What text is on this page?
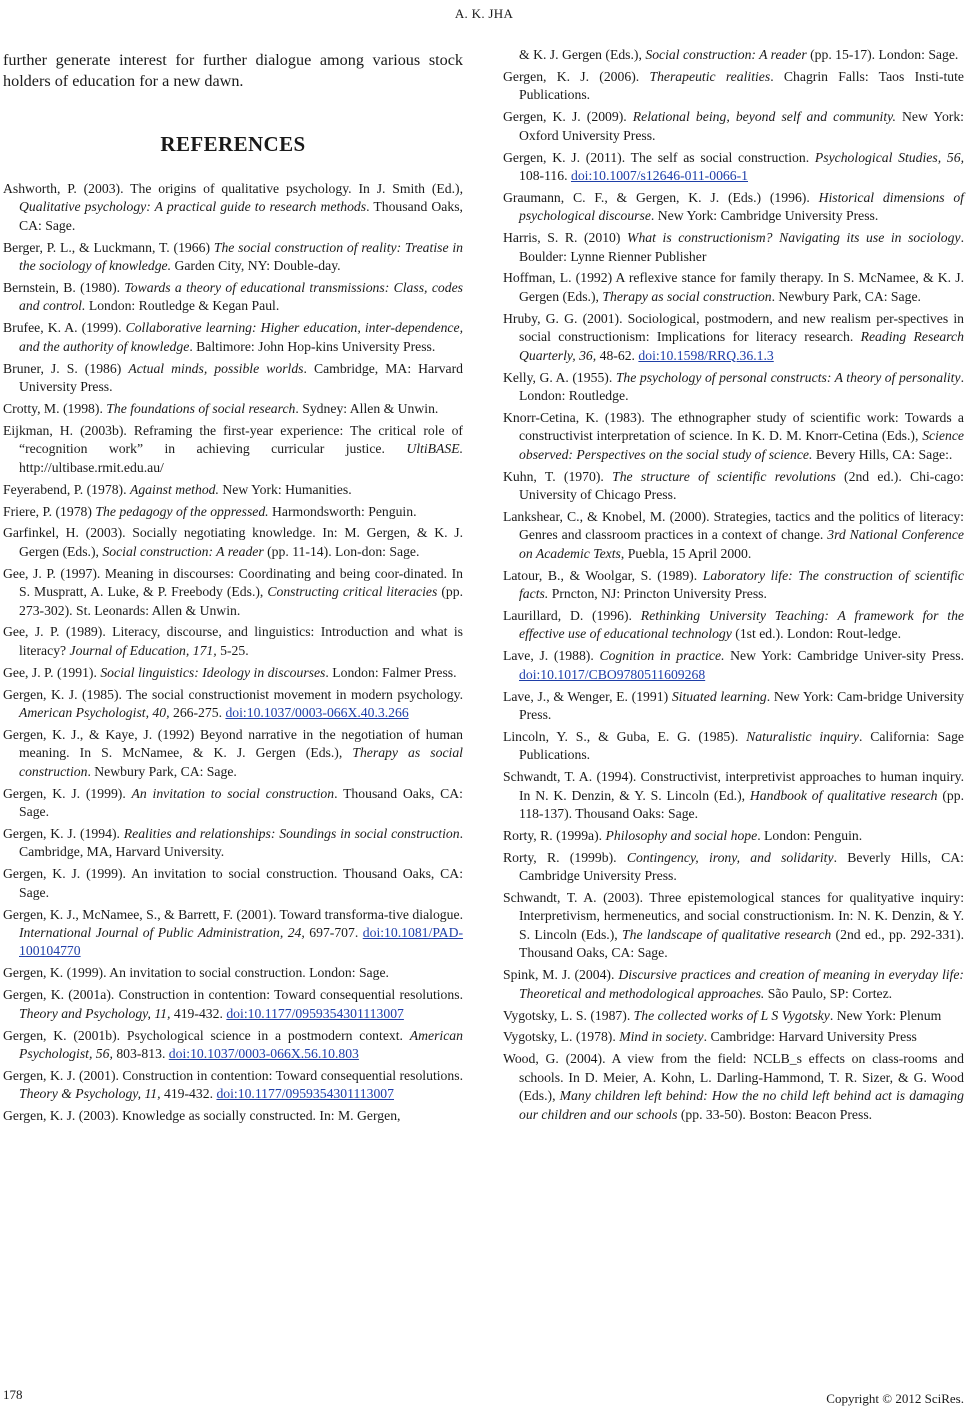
A. K. JHA

further generate interest for further dialogue among various stock holders of education for a new dawn.

REFERENCES
Ashworth, P. (2003). The origins of qualitative psychology. In J. Smith (Ed.), Qualitative psychology: A practical guide to research methods. Thousand Oaks, CA: Sage.
Berger, P. L., & Luckmann, T. (1966) The social construction of reality: Treatise in the sociology of knowledge. Garden City, NY: Double-day.
Bernstein, B. (1980). Towards a theory of educational transmissions: Class, codes and control. London: Routledge & Kegan Paul.
Brufee, K. A. (1999). Collaborative learning: Higher education, inter-dependence, and the authority of knowledge. Baltimore: John Hop-kins University Press.
Bruner, J. S. (1986) Actual minds, possible worlds. Cambridge, MA: Harvard University Press.
Crotty, M. (1998). The foundations of social research. Sydney: Allen & Unwin.
Eijkman, H. (2003b). Reframing the first-year experience: The critical role of “recognition work” in achieving curricular justice. UltiBASE. http://ultibase.rmit.edu.au/
Feyerabend, P. (1978). Against method. New York: Humanities.
Friere, P. (1978) The pedagogy of the oppressed. Harmondsworth: Penguin.
Garfinkel, H. (2003). Socially negotiating knowledge. In: M. Gergen, & K. J. Gergen (Eds.), Social construction: A reader (pp. 11-14). Lon-don: Sage.
Gee, J. P. (1997). Meaning in discourses: Coordinating and being coor-dinated. In S. Muspratt, A. Luke, & P. Freebody (Eds.), Constructing critical literacies (pp. 273-302). St. Leonards: Allen & Unwin.
Gee, J. P. (1989). Literacy, discourse, and linguistics: Introduction and what is literacy? Journal of Education, 171, 5-25.
Gee, J. P. (1991). Social linguistics: Ideology in discourses. London: Falmer Press.
Gergen, K. J. (1985). The social constructionist movement in modern psychology. American Psychologist, 40, 266-275. doi:10.1037/0003-066X.40.3.266
Gergen, K. J., & Kaye, J. (1992) Beyond narrative in the negotiation of human meaning. In S. McNamee, & K. J. Gergen (Eds.), Therapy as social construction. Newbury Park, CA: Sage.
Gergen, K. J. (1999). An invitation to social construction. Thousand Oaks, CA: Sage.
Gergen, K. J. (1994). Realities and relationships: Soundings in social construction. Cambridge, MA, Harvard University.
Gergen, K. J. (1999). An invitation to social construction. Thousand Oaks, CA: Sage.
Gergen, K. J., McNamee, S., & Barrett, F. (2001). Toward transforma-tive dialogue. International Journal of Public Administration, 24, 697-707. doi:10.1081/PAD-100104770
Gergen, K. (1999). An invitation to social construction. London: Sage.
Gergen, K. (2001a). Construction in contention: Toward consequential resolutions. Theory and Psychology, 11, 419-432. doi:10.1177/0959354301113007
Gergen, K. (2001b). Psychological science in a postmodern context. American Psychologist, 56, 803-813. doi:10.1037/0003-066X.56.10.803
Gergen, K. J. (2001). Construction in contention: Toward consequential resolutions. Theory & Psychology, 11, 419-432. doi:10.1177/0959354301113007
Gergen, K. J. (2003). Knowledge as socially constructed. In: M. Gergen,
& K. J. Gergen (Eds.), Social construction: A reader (pp. 15-17). London: Sage.
Gergen, K. J. (2006). Therapeutic realities. Chagrin Falls: Taos Insti-tute Publications.
Gergen, K. J. (2009). Relational being, beyond self and community. New York: Oxford University Press.
Gergen, K. J. (2011). The self as social construction. Psychological Studies, 56, 108-116. doi:10.1007/s12646-011-0066-1
Graumann, C. F., & Gergen, K. J. (Eds.) (1996). Historical dimensions of psychological discourse. New York: Cambridge University Press.
Harris, S. R. (2010) What is constructionism? Navigating its use in sociology. Boulder: Lynne Rienner Publisher
Hoffman, L. (1992) A reflexive stance for family therapy. In S. McNamee, & K. J. Gergen (Eds.), Therapy as social construction. Newbury Park, CA: Sage.
Hruby, G. G. (2001). Sociological, postmodern, and new realism per-spectives in social constructionism: Implications for literacy research. Reading Research Quarterly, 36, 48-62. doi:10.1598/RRQ.36.1.3
Kelly, G. A. (1955). The psychology of personal constructs: A theory of personality. London: Routledge.
Knorr-Cetina, K. (1983). The ethnographer study of scientific work: Towards a constructivist interpretation of science. In K. D. M. Knorr-Cetina (Eds.), Science observed: Perspectives on the social study of science. Bevery Hills, CA: Sage:.
Kuhn, T. (1970). The structure of scientific revolutions (2nd ed.). Chi-cago: University of Chicago Press.
Lankshear, C., & Knobel, M. (2000). Strategies, tactics and the politics of literacy: Genres and classroom practices in a context of change. 3rd National Conference on Academic Texts, Puebla, 15 April 2000.
Latour, B., & Woolgar, S. (1989). Laboratory life: The construction of scientific facts. Prncton, NJ: Princton University Press.
Laurillard, D. (1996). Rethinking University Teaching: A framework for the effective use of educational technology (1st ed.). London: Rout-ledge.
Lave, J. (1988). Cognition in practice. New York: Cambridge Univer-sity Press. doi:10.1017/CBO9780511609268
Lave, J., & Wenger, E. (1991) Situated learning. New York: Cam-bridge University Press.
Lincoln, Y. S., & Guba, E. G. (1985). Naturalistic inquiry. California: Sage Publications.
Schwandt, T. A. (1994). Constructivist, interpretivist approaches to human inquiry. In N. K. Denzin, & Y. S. Lincoln (Ed.), Handbook of qualitative research (pp. 118-137). Thousand Oaks: Sage.
Rorty, R. (1999a). Philosophy and social hope. London: Penguin.
Rorty, R. (1999b). Contingency, irony, and solidarity. Beverly Hills, CA: Cambridge University Press.
Schwandt, T. A. (2003). Three epistemological stances for qualityative inquiry: Interpretivism, hermeneutics, and social constructionism. In: N. K. Denzin, & Y. S. Lincoln (Eds.), The landscape of qualitative research (2nd ed., pp. 292-331). Thousand Oaks, CA: Sage.
Spink, M. J. (2004). Discursive practices and creation of meaning in everyday life: Theoretical and methodological approaches. São Paulo, SP: Cortez.
Vygotsky, L. S. (1987). The collected works of L S Vygotsky. New York: Plenum
Vygotsky, L. (1978). Mind in society. Cambridge: Harvard University Press
Wood, G. (2004). A view from the field: NCLB_s effects on class-rooms and schools. In D. Meier, A. Kohn, L. Darling-Hammond, T. R. Sizer, & G. Wood (Eds.), Many children left behind: How the no child left behind act is damaging our children and our schools (pp. 33-50). Boston: Beacon Press.
178	Copyright © 2012 SciRes.
